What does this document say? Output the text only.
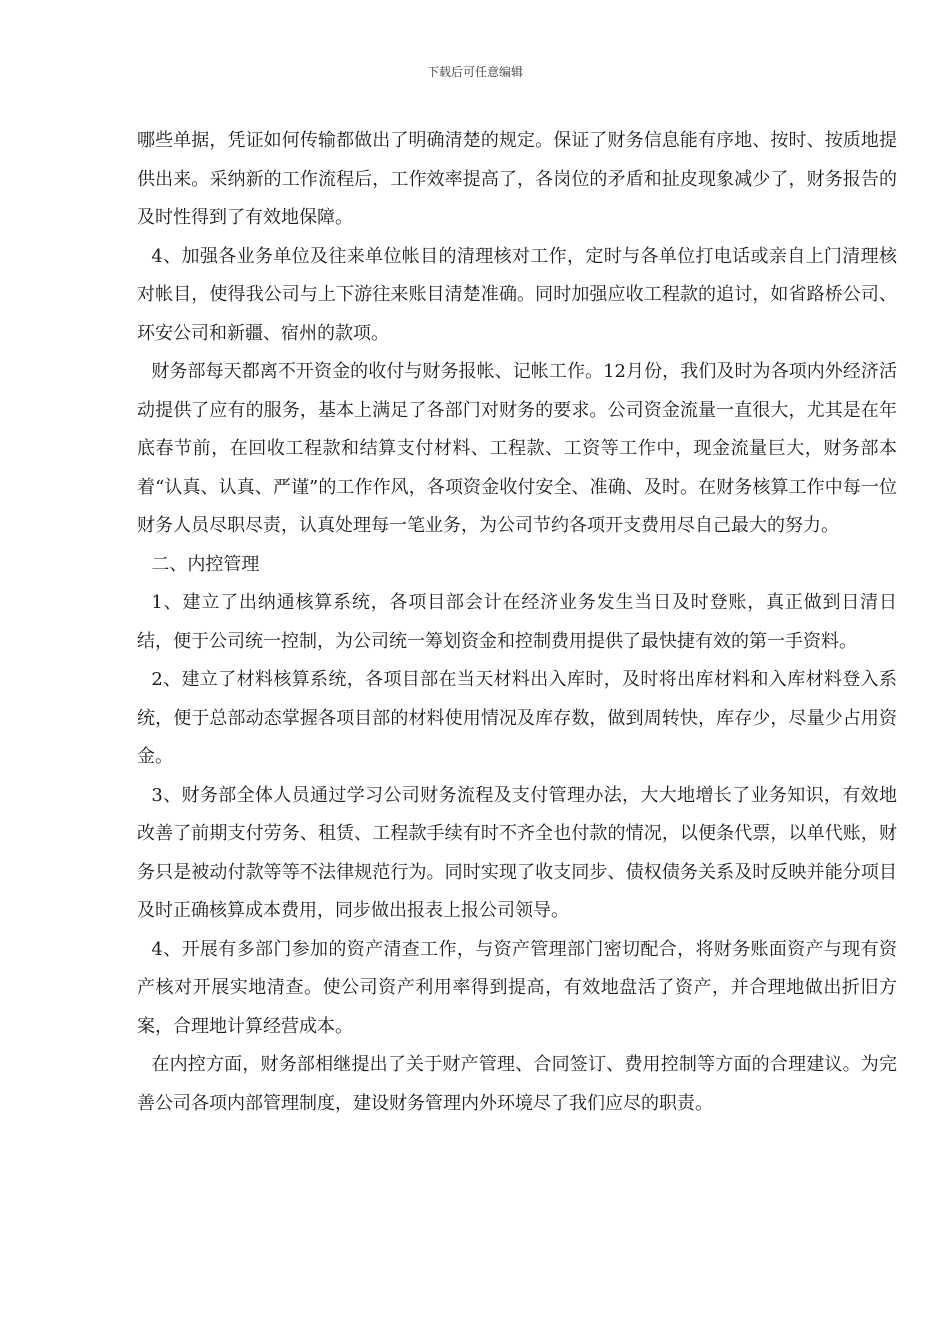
下载后可任意编辑

哪些单据，凭证如何传输都做出了明确清楚的规定。保证了财务信息能有序地、按时、按质地提供出来。采纳新的工作流程后，工作效率提高了，各岗位的矛盾和扯皮现象减少了，财务报告的及时性得到了有效地保障。

4、加强各业务单位及往来单位帐目的清理核对工作，定时与各单位打电话或亲自上门清理核对帐目，使得我公司与上下游往来账目清楚准确。同时加强应收工程款的追讨，如省路桥公司、环安公司和新疆、宿州的款项。

财务部每天都离不开资金的收付与财务报帐、记帐工作。12月份，我们及时为各项内外经济活动提供了应有的服务，基本上满足了各部门对财务的要求。公司资金流量一直很大，尤其是在年底春节前，在回收工程款和结算支付材料、工程款、工资等工作中，现金流量巨大，财务部本着“认真、认真、严谨”的工作作风，各项资金收付安全、准确、及时。在财务核算工作中每一位财务人员尽职尽责，认真处理每一笔业务，为公司节约各项开支费用尽自己最大的努力。

二、内控管理

1、建立了出纳通核算系统，各项目部会计在经济业务发生当日及时登账，真正做到日清日结，便于公司统一控制，为公司统一筹划资金和控制费用提供了最快捷有效的第一手资料。

2、建立了材料核算系统，各项目部在当天材料出入库时，及时将出库材料和入库材料登入系统，便于总部动态掌握各项目部的材料使用情况及库存数，做到周转快，库存少，尽量少占用资金。

3、财务部全体人员通过学习公司财务流程及支付管理办法，大大地增长了业务知识，有效地改善了前期支付劳务、租赁、工程款手续有时不齐全也付款的情况，以便条代票，以单代账，财务只是被动付款等等不法律规范行为。同时实现了收支同步、债权债务关系及时反映并能分项目及时正确核算成本费用，同步做出报表上报公司领导。

4、开展有多部门参加的资产清查工作，与资产管理部门密切配合，将财务账面资产与现有资产核对开展实地清查。使公司资产利用率得到提高，有效地盘活了资产，并合理地做出折旧方案，合理地计算经营成本。

在内控方面，财务部相继提出了关于财产管理、合同签订、费用控制等方面的合理建议。为完善公司各项内部管理制度，建设财务管理内外环境尽了我们应尽的职责。
